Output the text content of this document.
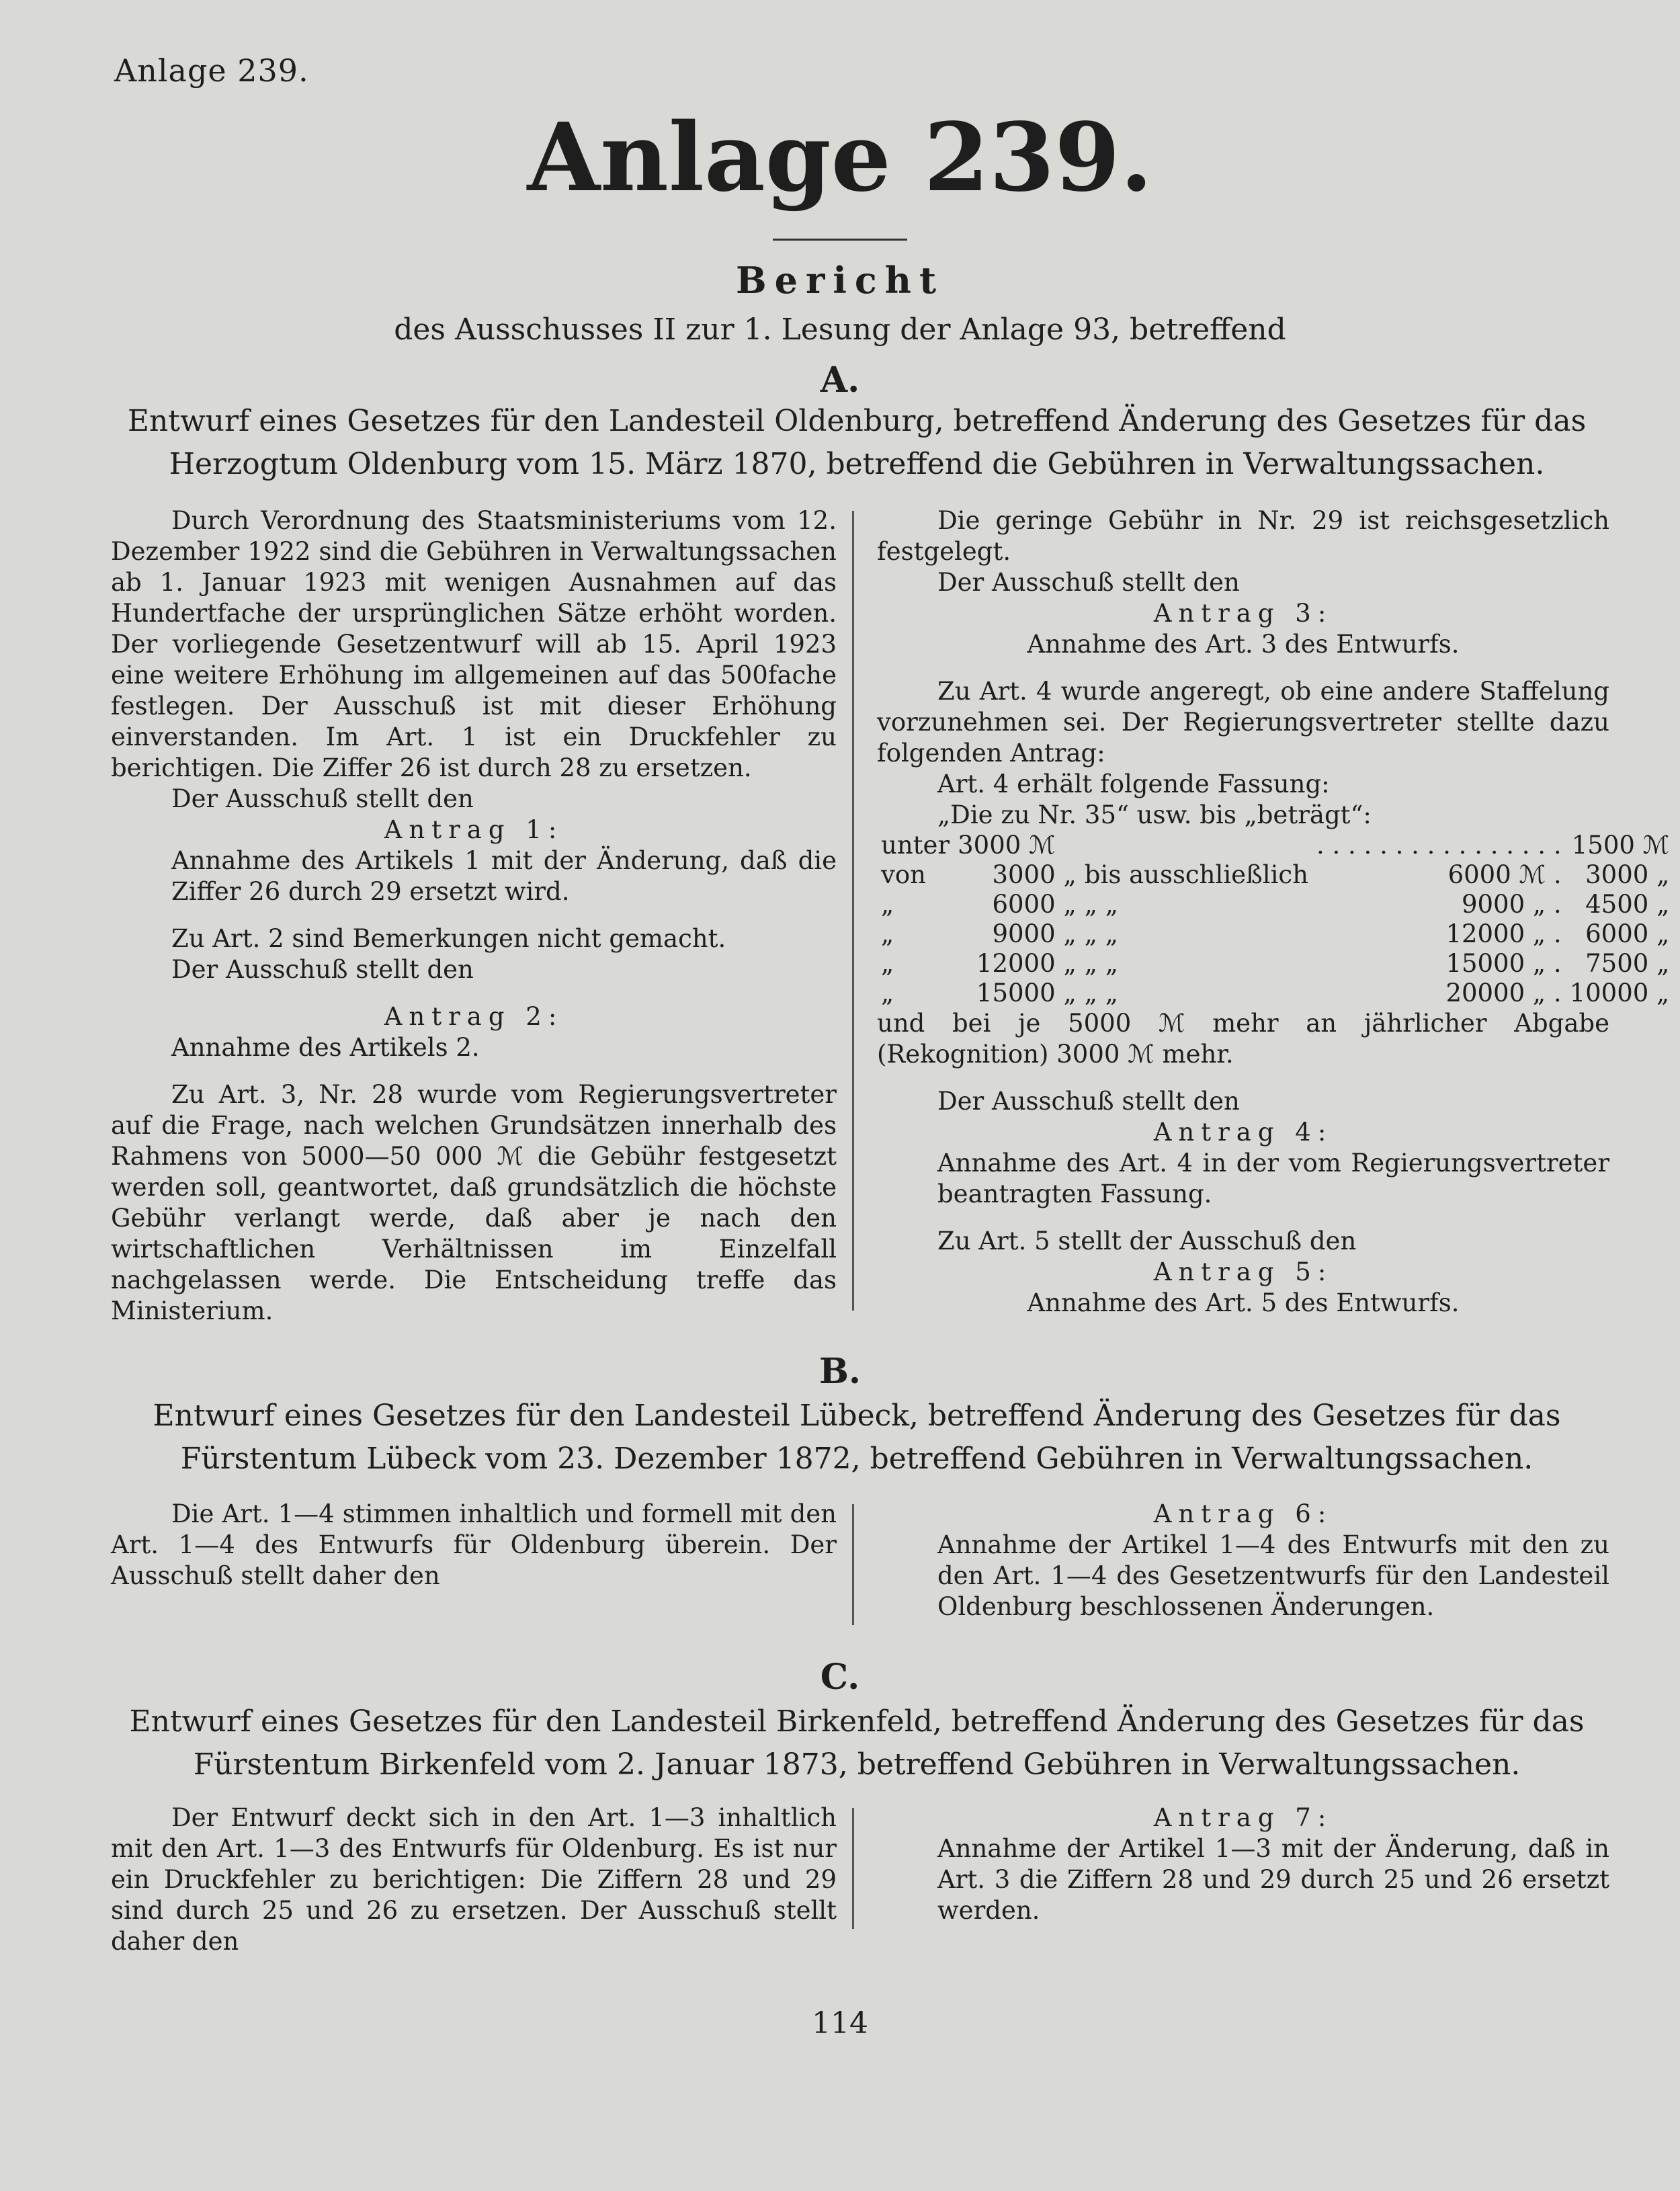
Anlage 239.
Anlage 239.
Bericht
des Ausschusses II zur 1. Lesung der Anlage 93, betreffend
A.
Entwurf eines Gesetzes für den Landesteil Oldenburg, betreffend Änderung des Gesetzes für das Herzogtum Oldenburg vom 15. März 1870, betreffend die Gebühren in Verwaltungssachen.

Durch Verordnung des Staatsministeriums vom 12. Dezember 1922 sind die Gebühren in Verwaltungssachen ab 1. Januar 1923 mit wenigen Ausnahmen auf das Hundertfache der ursprünglichen Sätze erhöht worden. Der vorliegende Gesetzentwurf will ab 15. April 1923 eine weitere Erhöhung im allgemeinen auf das 500fache festlegen. Der Ausschuß ist mit dieser Erhöhung einverstanden. Im Art. 1 ist ein Druckfehler zu berichtigen. Die Ziffer 26 ist durch 28 zu ersetzen.

Der Ausschuß stellt den

Antrag 1:

Annahme des Artikels 1 mit der Änderung, daß die Ziffer 26 durch 29 ersetzt wird.

Zu Art. 2 sind Bemerkungen nicht gemacht.

Der Ausschuß stellt den

Antrag 2:

Annahme des Artikels 2.

Zu Art. 3, Nr. 28 wurde vom Regierungsvertreter auf die Frage, nach welchen Grundsätzen innerhalb des Rahmens von 5000—50 000 ℳ die Gebühr festgesetzt werden soll, geantwortet, daß grundsätzlich die höchste Gebühr verlangt werde, daß aber je nach den wirtschaftlichen Verhältnissen im Einzelfall nachgelassen werde. Die Entscheidung treffe das Ministerium.

Die geringe Gebühr in Nr. 29 ist reichsgesetzlich festgelegt.

Der Ausschuß stellt den

Antrag 3:

Annahme des Art. 3 des Entwurfs.

Zu Art. 4 wurde angeregt, ob eine andere Staffelung vorzunehmen sei. Der Regierungsvertreter stellte dazu folgenden Antrag:

Art. 4 erhält folgende Fassung:

„Die zu Nr. 35“ usw. bis „beträgt“:

unter	3000 ℳ			. . . . . . . . . . . . . . . .	1500 ℳ
von	3000	„	bis ausschließlich	6000 ℳ .	3000 „
„	6000	„	„ „	9000 „ .	4500 „
„	9000	„	„ „	12000 „ .	6000 „
„	12000	„	„ „	15000 „ .	7500 „
„	15000	„	„ „	20000 „ .	10000 „

und bei je 5000 ℳ mehr an jährlicher Abgabe (Rekognition) 3000 ℳ mehr.

Der Ausschuß stellt den

Antrag 4:

Annahme des Art. 4 in der vom Regierungsvertreter beantragten Fassung.

Zu Art. 5 stellt der Ausschuß den

Antrag 5:

Annahme des Art. 5 des Entwurfs.

B.
Entwurf eines Gesetzes für den Landesteil Lübeck, betreffend Änderung des Gesetzes für das Fürstentum Lübeck vom 23. Dezember 1872, betreffend Gebühren in Verwaltungssachen.

Die Art. 1—4 stimmen inhaltlich und formell mit den Art. 1—4 des Entwurfs für Oldenburg überein. Der Ausschuß stellt daher den

Antrag 6:

Annahme der Artikel 1—4 des Entwurfs mit den zu den Art. 1—4 des Gesetzentwurfs für den Landesteil Oldenburg beschlossenen Änderungen.

C.
Entwurf eines Gesetzes für den Landesteil Birkenfeld, betreffend Änderung des Gesetzes für das Fürstentum Birkenfeld vom 2. Januar 1873, betreffend Gebühren in Verwaltungssachen.

Der Entwurf deckt sich in den Art. 1—3 inhaltlich mit den Art. 1—3 des Entwurfs für Oldenburg. Es ist nur ein Druckfehler zu berichtigen: Die Ziffern 28 und 29 sind durch 25 und 26 zu ersetzen. Der Ausschuß stellt daher den

Antrag 7:

Annahme der Artikel 1—3 mit der Änderung, daß in Art. 3 die Ziffern 28 und 29 durch 25 und 26 ersetzt werden.

114
